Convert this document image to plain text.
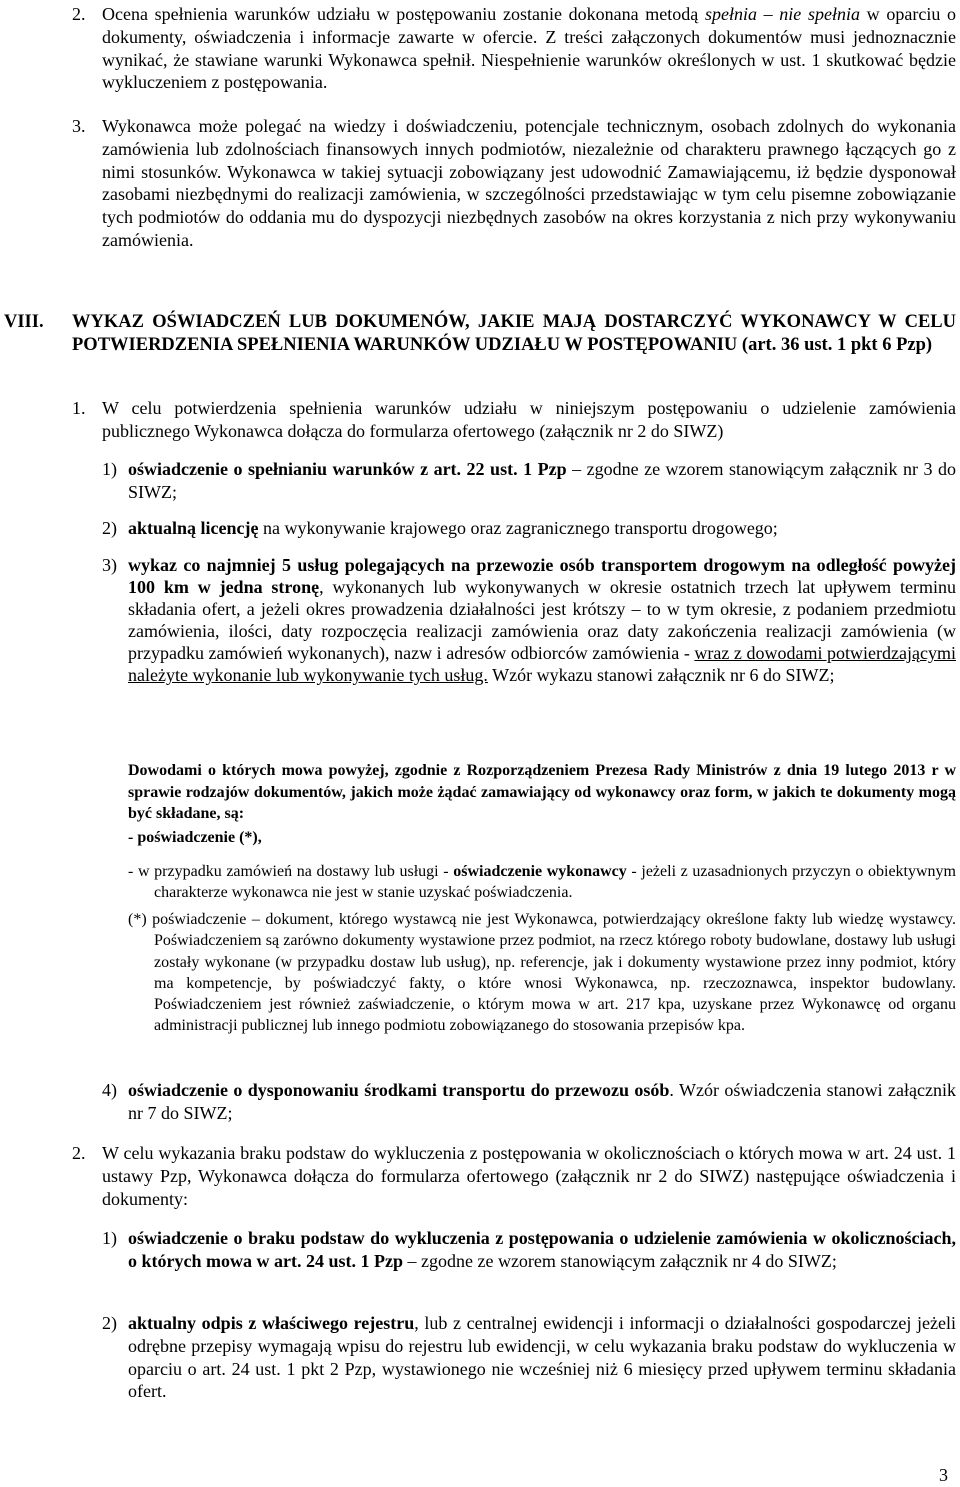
2. Ocena spełnienia warunków udziału w postępowaniu zostanie dokonana metodą spełnia – nie spełnia w oparciu o dokumenty, oświadczenia i informacje zawarte w ofercie. Z treści załączonych dokumentów musi jednoznacznie wynikać, że stawiane warunki Wykonawca spełnił. Niespełnienie warunków określonych w ust. 1 skutkować będzie wykluczeniem z postępowania.
3. Wykonawca może polegać na wiedzy i doświadczeniu, potencjale technicznym, osobach zdolnych do wykonania zamówienia lub zdolnościach finansowych innych podmiotów, niezależnie od charakteru prawnego łączących go z nimi stosunków. Wykonawca w takiej sytuacji zobowiązany jest udowodnić Zamawiającemu, iż będzie dysponował zasobami niezbędnymi do realizacji zamówienia, w szczególności przedstawiając w tym celu pisemne zobowiązanie tych podmiotów do oddania mu do dyspozycji niezbędnych zasobów na okres korzystania z nich przy wykonywaniu zamówienia.
VIII. WYKAZ OŚWIADCZEŃ LUB DOKUMENÓW, JAKIE MAJĄ DOSTARCZYĆ WYKONAWCY W CELU POTWIERDZENIA SPEŁNIENIA WARUNKÓW UDZIAŁU W POSTĘPOWANIU (art. 36 ust. 1 pkt 6 Pzp)
1. W celu potwierdzenia spełnienia warunków udziału w niniejszym postępowaniu o udzielenie zamówienia publicznego Wykonawca dołącza do formularza ofertowego (załącznik nr 2 do SIWZ)
1) oświadczenie o spełnianiu warunków z art. 22 ust. 1 Pzp – zgodne ze wzorem stanowiącym załącznik nr 3 do SIWZ;
2) aktualną licencję na wykonywanie krajowego oraz zagranicznego transportu drogowego;
3) wykaz co najmniej 5 usług polegających na przewozie osób transportem drogowym na odległość powyżej 100 km w jedna stronę, wykonanych lub wykonywanych w okresie ostatnich trzech lat upływem terminu składania ofert, a jeżeli okres prowadzenia działalności jest krótszy – to w tym okresie, z podaniem przedmiotu zamówienia, ilości, daty rozpoczęcia realizacji zamówienia oraz daty zakończenia realizacji zamówienia (w przypadku zamówień wykonanych), nazw i adresów odbiorców zamówienia - wraz z dowodami potwierdzającymi należyte wykonanie lub wykonywanie tych usług. Wzór wykazu stanowi załącznik nr 6 do SIWZ;
Dowodami o których mowa powyżej, zgodnie z Rozporządzeniem Prezesa Rady Ministrów z dnia 19 lutego 2013 r w sprawie rodzajów dokumentów, jakich może żądać zamawiający od wykonawcy oraz form, w jakich te dokumenty mogą być składane, są:
- poświadczenie (*),
- w przypadku zamówień na dostawy lub usługi - oświadczenie wykonawcy - jeżeli z uzasadnionych przyczyn o obiektywnym charakterze wykonawca nie jest w stanie uzyskać poświadczenia.
(*) poświadczenie – dokument, którego wystawcą nie jest Wykonawca, potwierdzający określone fakty lub wiedzę wystawcy. Poświadczeniem są zarówno dokumenty wystawione przez podmiot, na rzecz którego roboty budowlane, dostawy lub usługi zostały wykonane (w przypadku dostaw lub usług), np. referencje, jak i dokumenty wystawione przez inny podmiot, który ma kompetencje, by poświadczyć fakty, o które wnosi Wykonawca, np. rzeczoznawca, inspektor budowlany. Poświadczeniem jest również zaświadczenie, o którym mowa w art. 217 kpa, uzyskane przez Wykonawcę od organu administracji publicznej lub innego podmiotu zobowiązanego do stosowania przepisów kpa.
4) oświadczenie o dysponowaniu środkami transportu do przewozu osób. Wzór oświadczenia stanowi załącznik nr 7 do SIWZ;
2. W celu wykazania braku podstaw do wykluczenia z postępowania w okolicznościach o których mowa w art. 24 ust. 1 ustawy Pzp, Wykonawca dołącza do formularza ofertowego (załącznik nr 2 do SIWZ) następujące oświadczenia i dokumenty:
1) oświadczenie o braku podstaw do wykluczenia z postępowania o udzielenie zamówienia w okolicznościach, o których mowa w art. 24 ust. 1 Pzp – zgodne ze wzorem stanowiącym załącznik nr 4 do SIWZ;
2) aktualny odpis z właściwego rejestru, lub z centralnej ewidencji i informacji o działalności gospodarczej jeżeli odrębne przepisy wymagają wpisu do rejestru lub ewidencji, w celu wykazania braku podstaw do wykluczenia w oparciu o art. 24 ust. 1 pkt 2 Pzp, wystawionego nie wcześniej niż 6 miesięcy przed upływem terminu składania ofert.
3
